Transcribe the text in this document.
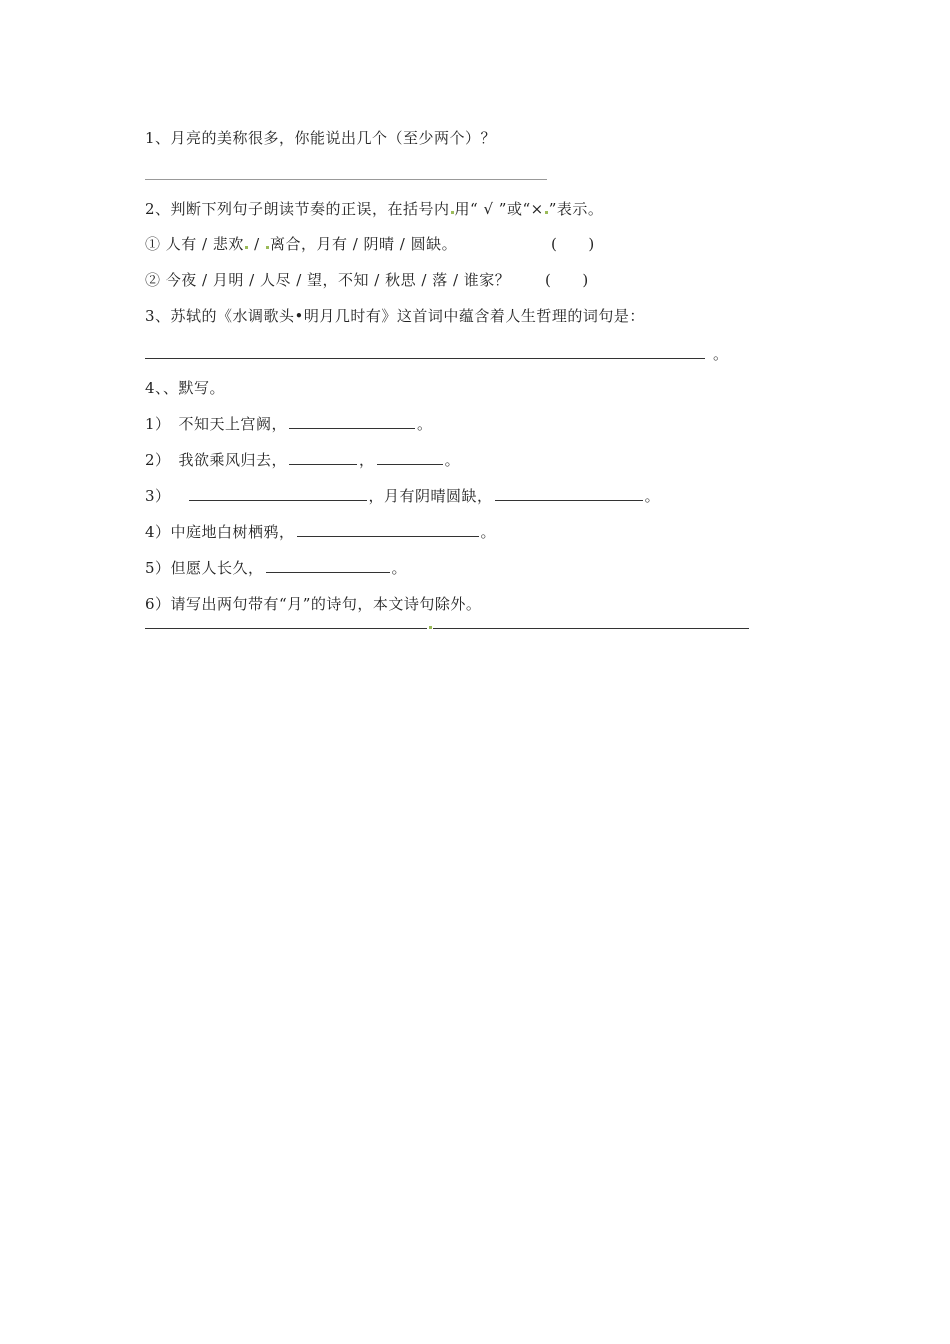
1、月亮的美称很多，你能说出几个（至少两个）？
2、判断下列句子朗读节奏的正误，在括号内 用“ √ ”或“× ”表示。
① 人有 / 悲欢 / 离合，月有 / 阴晴 / 圆缺。	(　　)
② 今夜 / 月明 / 人尽 / 望，不知 / 秋思 / 落 / 谁家？ (　　)
3、苏轼的《水调歌头•明月几时有》这首词中蕴含着人生哲理的词句是：
。
4、、默写。
1）　不知天上宫阙，	。
2）　我欲乘风归去，	，	。
3）	，月有阴晴圆缺，	。
4）中庭地白树栖鸦，	。
5）但愿人长久，	。
6）请写出两句带有“月”的诗句，本文诗句除外。
